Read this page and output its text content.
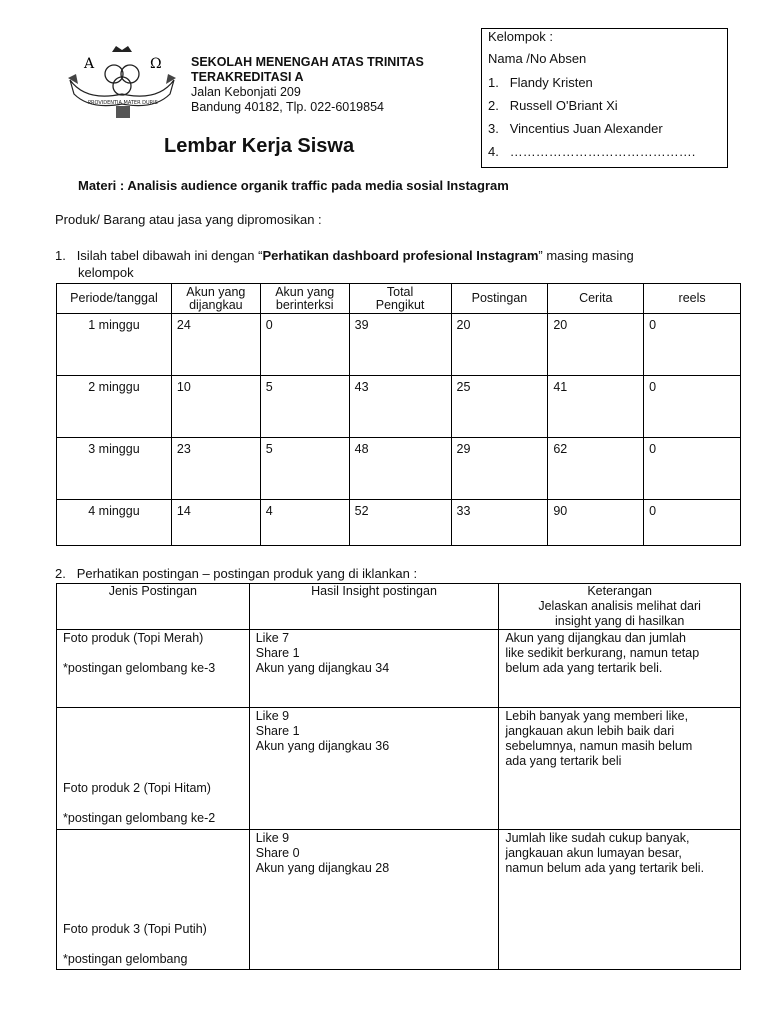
Α	Ω
PROVIDENTIA MATER DURIS
SEKOLAH MENENGAH ATAS TRINITAS
TERAKREDITASI A
Jalan Kebonjati 209
Bandung 40182, Tlp. 022-6019854
Kelompok :
Nama /No Absen
1. Flandy Kristen
2. Russell O'Briant Xi
3. Vincentius Juan Alexander
4. …………………………………….
Lembar Kerja Siswa
Materi : Analisis audience organik traffic pada media sosial Instagram
Produk/ Barang atau jasa yang dipromosikan :
1. Isilah tabel dibawah ini dengan “Perhatikan dashboard profesional Instagram” masing masing
kelompok
Periode/tanggal	Akun yang
dijangkau	Akun yang
berinterksi	Total
Pengikut	Postingan	Cerita	reels
1 minggu	24	0	39	20	20	0
2 minggu	10	5	43	25	41	0
3 minggu	23	5	48	29	62	0
4 minggu	14	4	52	33	90	0
2. Perhatikan postingan – postingan produk yang di iklankan :
Jenis Postingan	Hasil Insight postingan	Keterangan
Jelaskan analisis melihat dari
insight yang di hasilkan
Foto produk (Topi Merah)

*postingan gelombang ke-3	Like 7
Share 1
Akun yang dijangkau 34	Akun yang dijangkau dan jumlah
like sedikit berkurang, namun tetap
belum ada yang tertarik beli.
Foto produk 2 (Topi Hitam)

*postingan gelombang ke-2	Like 9
Share 1
Akun yang dijangkau 36	Lebih banyak yang memberi like,
jangkauan akun lebih baik dari
sebelumnya, namun masih belum
ada yang tertarik beli
Foto produk 3 (Topi Putih)

*postingan gelombang	Like 9
Share 0
Akun yang dijangkau 28	Jumlah like sudah cukup banyak,
jangkauan akun lumayan besar,
namun belum ada yang tertarik beli.
